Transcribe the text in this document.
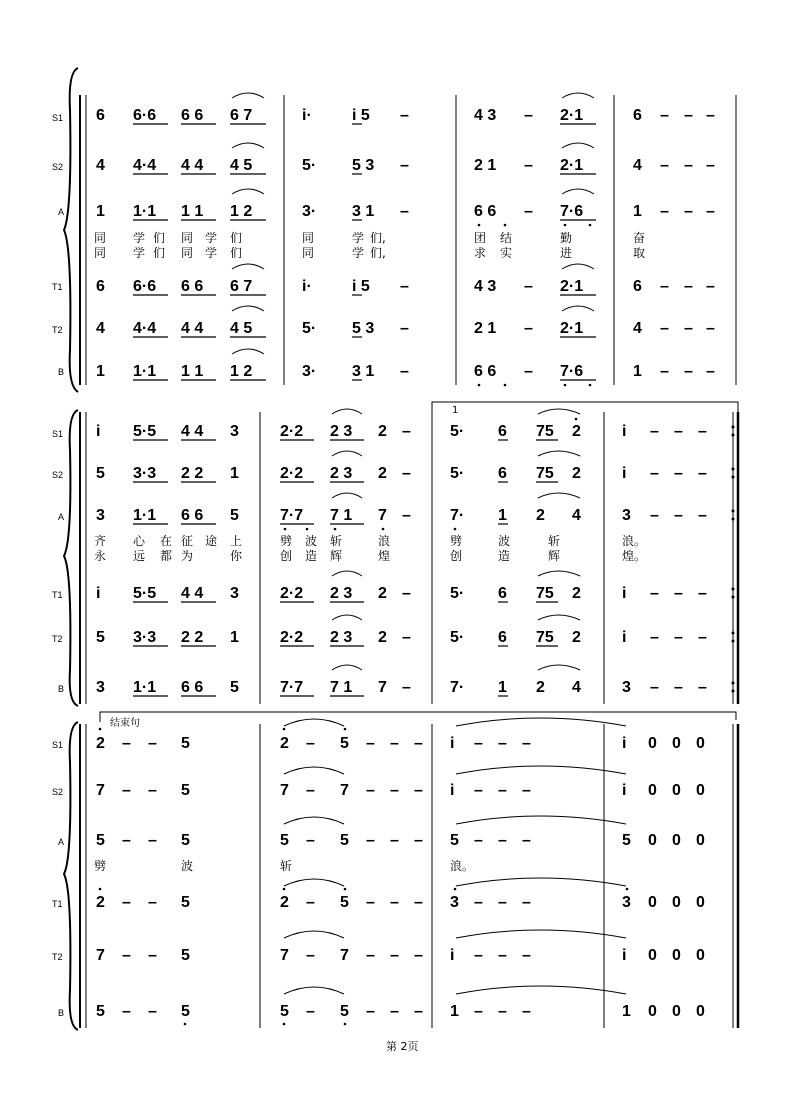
S1
S2
A
T1
T2
B
6 6·6 6 6 6 7	i·	i 5 –	4 3 – 2·1	6 – – –
4 4·4 4 4 4 5	5· 5 3 –	2 1 – 2·1	4 – – –
1 1·1 1 1 1 2	3· 3 1 –	6 6 – 7·6	1 – – –
同 学 们 同 学 们	同	学 们,	团 结	勤	奋
同 学 们 同 学 们	同	学 们,	求 实	进	取
6 6·6 6 6 6 7	i·	i 5 –	4 3 – 2·1	6 – – –
4 4·4 4 4 4 5	5· 5 3 –	2 1 – 2·1	4 – – –
1 1·1 1 1 1 2	3· 3 1 –	6 6 – 7·6	1 – – –
1
S1
S2
A
T1
T2
B
i 5·5 4 4 3	2·2 2 3 2 – 5· 6 75 2	i – – –
5 3·3 2 2 1	2·2 2 3 2 – 5· 6 75 2	i – – –
3 1·1 6 6 5	7·7 7 1 7 – 7· 1 2 4	3 – – –
齐 心 在 征 途 上	劈 波 斩	浪	劈	波	斩	浪。
永 远 都 为	你	创 造 辉	煌	创	造	辉	煌。
i 5·5 4 4 3	2·2 2 3 2 – 5· 6 75 2	i – – –
5 3·3 2 2 1	2·2 2 3 2 – 5· 6 75 2	i – – –
3 1·1 6 6 5	7·7 7 1 7 – 7· 1 2 4	3 – – –
结束句
S1
S2
A
T1
T2
B
2 – – 5	2 – 5 – – – i – – –	i 0 0 0
7 – – 5	7 – 7 – – – i – – –	i 0 0 0
5 – – 5	5 – 5 – – – 5 – – –	5 0 0 0
劈	波	斩	浪。
2 – – 5	2 – 5 – – – 3 – – –	3 0 0 0
7 – – 5	7 – 7 – – – i – – –	i 0 0 0
5 – – 5	5 – 5 – – – 1 – – –	1 0 0 0
第 2页
